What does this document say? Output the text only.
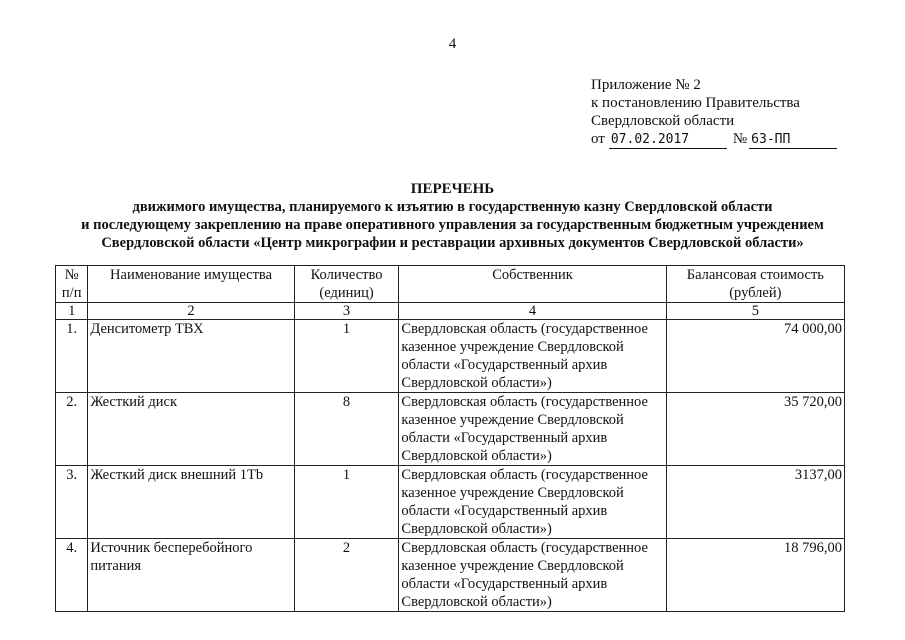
4
Приложение № 2
к постановлению Правительства
Свердловской области
от 07.02.2017	№ 63-ПП
ПЕРЕЧЕНЬ
движимого имущества, планируемого к изъятию в государственную казну Свердловской области
и последующему закреплению на праве оперативного управления за государственным бюджетным учреждением
Свердловской области «Центр микрографии и реставрации архивных документов Свердловской области»
№ п/п	Наименование имущества	Количество (единиц)	Собственник	Балансовая стоимость (рублей)
1	2	3	4	5
1.	Денситометр ТВХ	1	Свердловская область (государственное казенное учреждение Свердловской области «Государственный архив Свердловской области»)	74 000,00
2.	Жесткий диск	8	Свердловская область (государственное казенное учреждение Свердловской области «Государственный архив Свердловской области»)	35 720,00
3.	Жесткий диск внешний 1Tb	1	Свердловская область (государственное казенное учреждение Свердловской области «Государственный архив Свердловской области»)	3137,00
4.	Источник бесперебойного питания	2	Свердловская область (государственное казенное учреждение Свердловской области «Государственный архив Свердловской области»)	18 796,00
